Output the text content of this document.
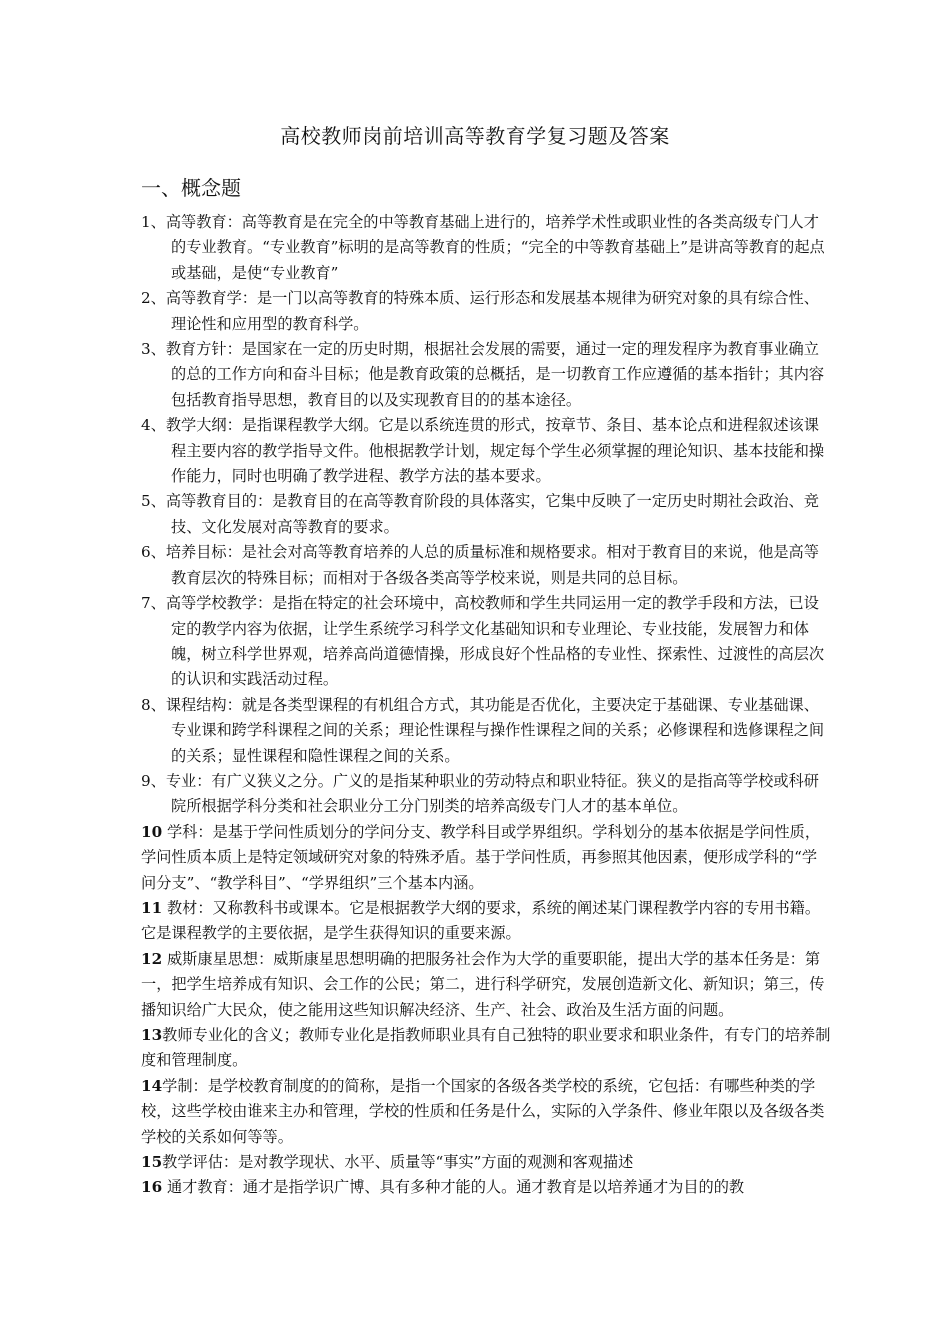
高校教师岗前培训高等教育学复习题及答案
一、概念题

1、高等教育：高等教育是在完全的中等教育基础上进行的，培养学术性或职业性的各类高级专门人才的专业教育。“专业教育”标明的是高等教育的性质；“完全的中等教育基础上”是讲高等教育的起点或基础，是使“专业教育”

2、高等教育学：是一门以高等教育的特殊本质、运行形态和发展基本规律为研究对象的具有综合性、理论性和应用型的教育科学。

3、教育方针：是国家在一定的历史时期，根据社会发展的需要，通过一定的理发程序为教育事业确立的总的工作方向和奋斗目标；他是教育政策的总概括，是一切教育工作应遵循的基本指针；其内容包括教育指导思想，教育目的以及实现教育目的的基本途径。

4、教学大纲：是指课程教学大纲。它是以系统连贯的形式，按章节、条目、基本论点和进程叙述该课程主要内容的教学指导文件。他根据教学计划，规定每个学生必须掌握的理论知识、基本技能和操作能力，同时也明确了教学进程、教学方法的基本要求。

5、高等教育目的：是教育目的在高等教育阶段的具体落实，它集中反映了一定历史时期社会政治、竞技、文化发展对高等教育的要求。

6、培养目标：是社会对高等教育培养的人总的质量标准和规格要求。相对于教育目的来说，他是高等教育层次的特殊目标；而相对于各级各类高等学校来说，则是共同的总目标。

7、高等学校教学：是指在特定的社会环境中，高校教师和学生共同运用一定的教学手段和方法，已设定的教学内容为依据，让学生系统学习科学文化基础知识和专业理论、专业技能，发展智力和体魄，树立科学世界观，培养高尚道德情操，形成良好个性品格的专业性、探索性、过渡性的高层次的认识和实践活动过程。

8、课程结构：就是各类型课程的有机组合方式，其功能是否优化，主要决定于基础课、专业基础课、专业课和跨学科课程之间的关系；理论性课程与操作性课程之间的关系；必修课程和选修课程之间的关系；显性课程和隐性课程之间的关系。

9、专业：有广义狭义之分。广义的是指某种职业的劳动特点和职业特征。狭义的是指高等学校或科研院所根据学科分类和社会职业分工分门别类的培养高级专门人才的基本单位。

10 学科：是基于学问性质划分的学问分支、教学科目或学界组织。学科划分的基本依据是学问性质，学问性质本质上是特定领域研究对象的特殊矛盾。基于学问性质，再参照其他因素，便形成学科的“学问分支”、“教学科目”、“学界组织”三个基本内涵。

11 教材：又称教科书或课本。它是根据教学大纲的要求，系统的阐述某门课程教学内容的专用书籍。它是课程教学的主要依据，是学生获得知识的重要来源。

12 威斯康星思想：威斯康星思想明确的把服务社会作为大学的重要职能，提出大学的基本任务是：第一，把学生培养成有知识、会工作的公民；第二，进行科学研究，发展创造新文化、新知识；第三，传播知识给广大民众，使之能用这些知识解决经济、生产、社会、政治及生活方面的问题。

13教师专业化的含义；教师专业化是指教师职业具有自己独特的职业要求和职业条件，有专门的培养制度和管理制度。

14学制：是学校教育制度的的简称，是指一个国家的各级各类学校的系统，它包括：有哪些种类的学校，这些学校由谁来主办和管理，学校的性质和任务是什么，实际的入学条件、修业年限以及各级各类学校的关系如何等等。

15教学评估：是对教学现状、水平、质量等“事实”方面的观测和客观描述

16 通才教育：通才是指学识广博、具有多种才能的人。通才教育是以培养通才为目的的教
